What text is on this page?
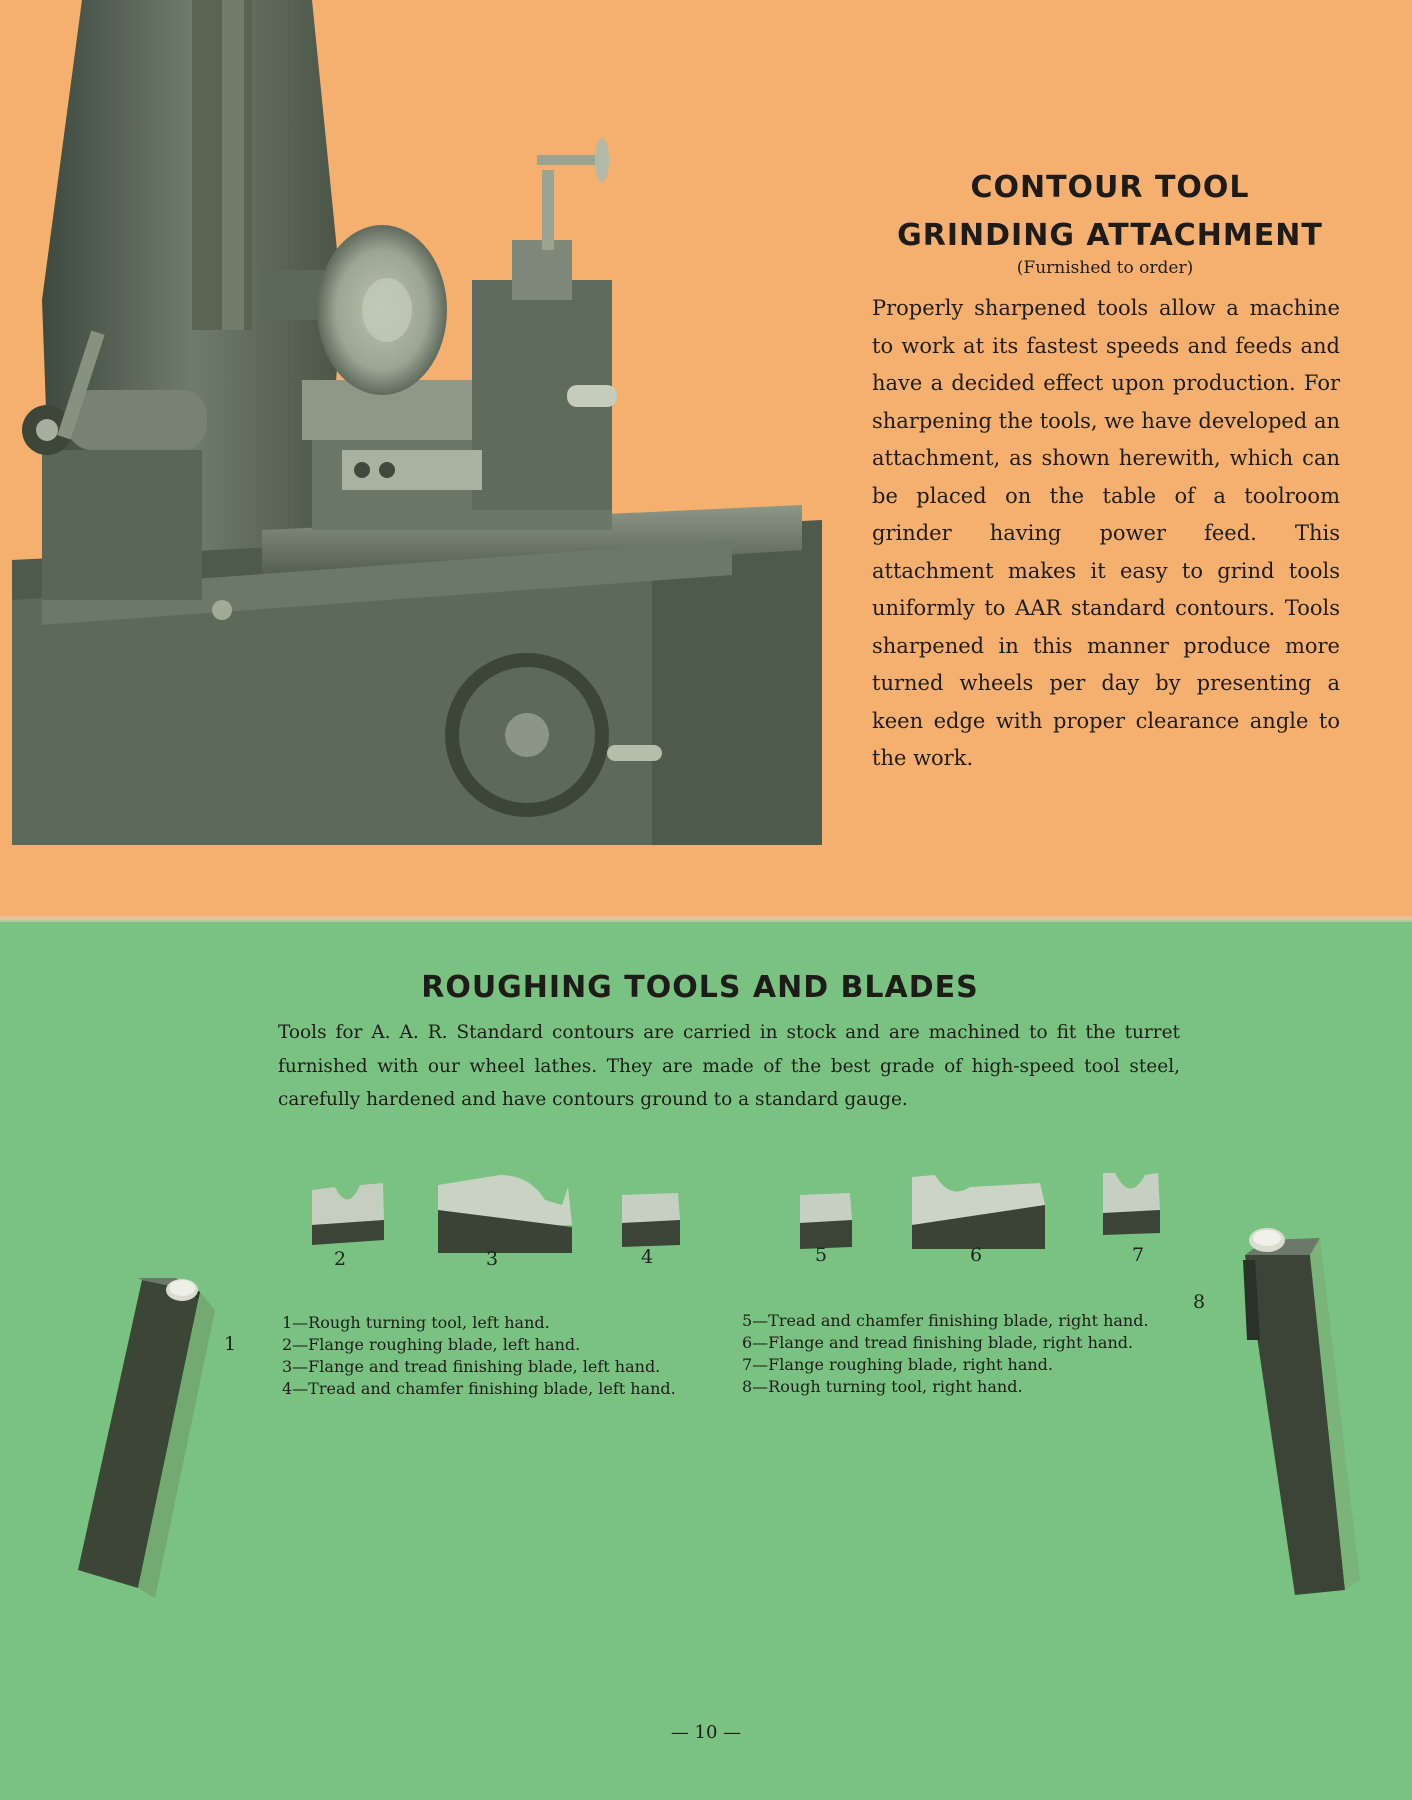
CONTOUR TOOL
GRINDING ATTACHMENT
(Furnished to order)
Properly sharpened tools allow a machine to work at its fastest speeds and feeds and have a decided effect upon production. For sharpening the tools, we have developed an attachment, as shown herewith, which can be placed on the table of a toolroom grinder having power feed. This attachment makes it easy to grind tools uniformly to AAR standard contours. Tools sharpened in this manner produce more turned wheels per day by presenting a keen edge with proper clearance angle to the work.
ROUGHING TOOLS AND BLADES
Tools for A. A. R. Standard contours are carried in stock and are machined to fit the turret furnished with our wheel lathes. They are made of the best grade of high-speed tool steel, carefully hardened and have contours ground to a standard gauge.
2	3	4	5	6	7
1
8
1—Rough turning tool, left hand.
2—Flange roughing blade, left hand.
3—Flange and tread finishing blade, left hand.
4—Tread and chamfer finishing blade, left hand.
5—Tread and chamfer finishing blade, right hand.
6—Flange and tread finishing blade, right hand.
7—Flange roughing blade, right hand.
8—Rough turning tool, right hand.
— 10 —
